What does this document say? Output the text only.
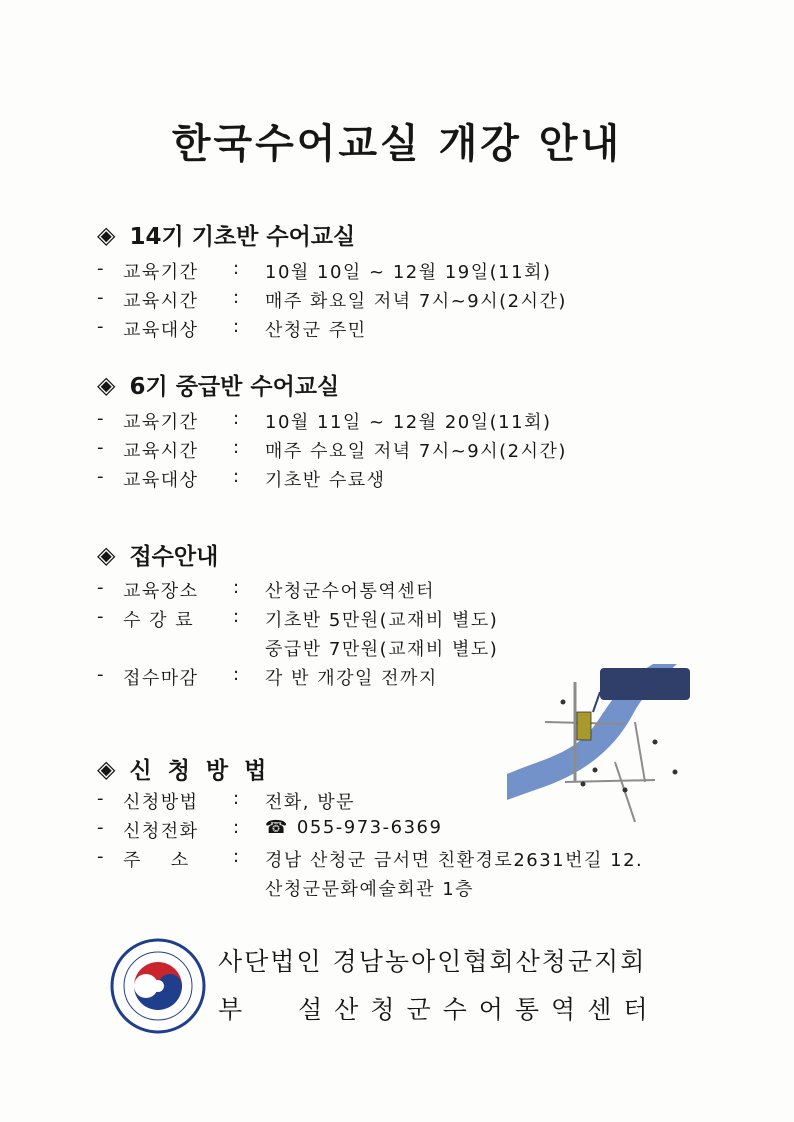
한국수어교실 개강 안내
◈ 14기 기초반 수어교실
-	교육기간	:	10월 10일 ~ 12월 19일(11회)
-	교육시간	:	매주 화요일 저녁 7시~9시(2시간)
-	교육대상	:	산청군 주민
◈ 6기 중급반 수어교실
-	교육기간	:	10월 11일 ~ 12월 20일(11회)
-	교육시간	:	매주 수요일 저녁 7시~9시(2시간)
-	교육대상	:	기초반 수료생
◈ 접수안내
-	교육장소	:	산청군수어통역센터
-	수 강 료	:	기초반 5만원(교재비 별도)
중급반 7만원(교재비 별도)
-	접수마감	:	각 반 개강일 전까지
◈ 신 청 방 법
-	신청방법	:	전화, 방문
-	신청전화	:	☎ 055-973-6369
-	주    소	:	경남 산청군 금서면 친환경로2631번길 12.
산청군문화예술회관 1층
사단법인 경남농아인협회산청군지회
부	설산청군수어통역센터
